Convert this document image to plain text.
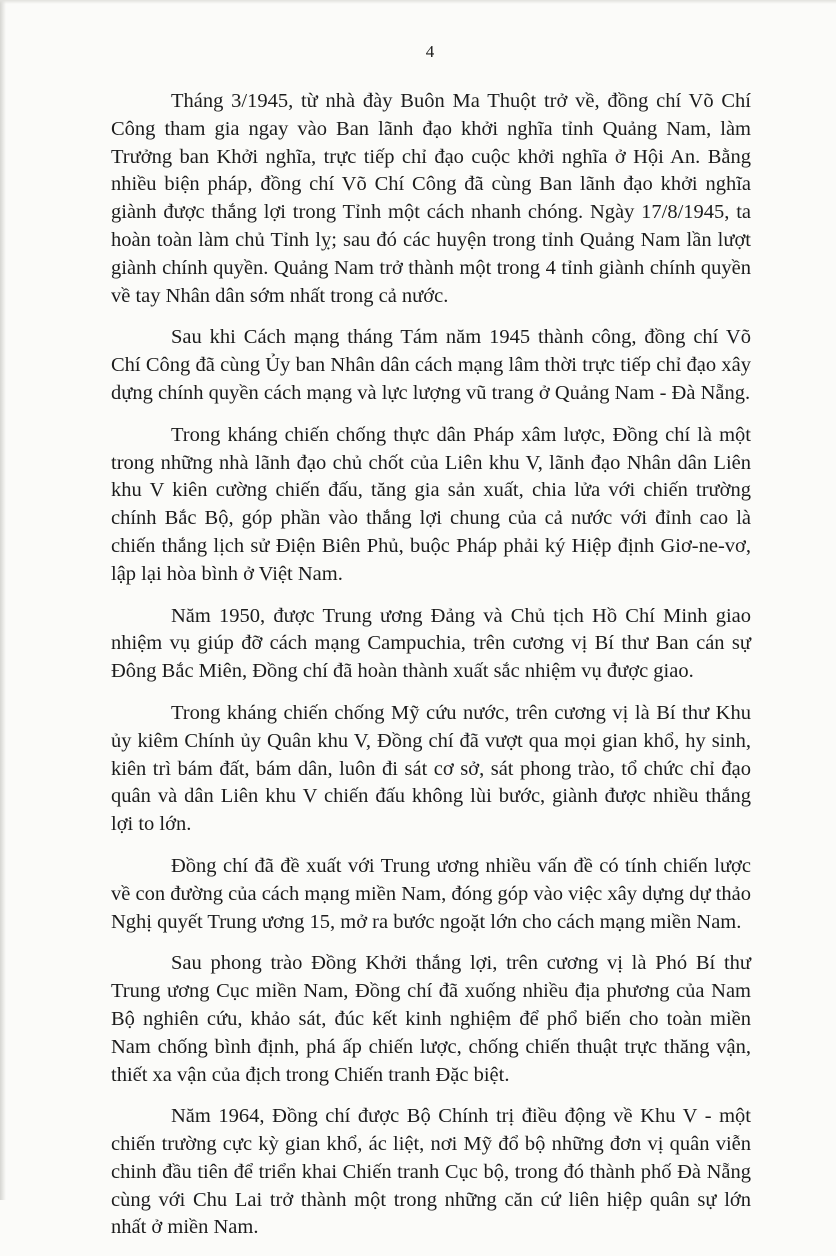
4

Tháng 3/1945, từ nhà đày Buôn Ma Thuột trở về, đồng chí Võ Chí Công tham gia ngay vào Ban lãnh đạo khởi nghĩa tỉnh Quảng Nam, làm Trưởng ban Khởi nghĩa, trực tiếp chỉ đạo cuộc khởi nghĩa ở Hội An. Bằng nhiều biện pháp, đồng chí Võ Chí Công đã cùng Ban lãnh đạo khởi nghĩa giành được thắng lợi trong Tỉnh một cách nhanh chóng. Ngày 17/8/1945, ta hoàn toàn làm chủ Tỉnh lỵ; sau đó các huyện trong tỉnh Quảng Nam lần lượt giành chính quyền. Quảng Nam trở thành một trong 4 tỉnh giành chính quyền về tay Nhân dân sớm nhất trong cả nước.

Sau khi Cách mạng tháng Tám năm 1945 thành công, đồng chí Võ Chí Công đã cùng Ủy ban Nhân dân cách mạng lâm thời trực tiếp chỉ đạo xây dựng chính quyền cách mạng và lực lượng vũ trang ở Quảng Nam - Đà Nẵng.

Trong kháng chiến chống thực dân Pháp xâm lược, Đồng chí là một trong những nhà lãnh đạo chủ chốt của Liên khu V, lãnh đạo Nhân dân Liên khu V kiên cường chiến đấu, tăng gia sản xuất, chia lửa với chiến trường chính Bắc Bộ, góp phần vào thắng lợi chung của cả nước với đỉnh cao là chiến thắng lịch sử Điện Biên Phủ, buộc Pháp phải ký Hiệp định Giơ-ne-vơ, lập lại hòa bình ở Việt Nam.

Năm 1950, được Trung ương Đảng và Chủ tịch Hồ Chí Minh giao nhiệm vụ giúp đỡ cách mạng Campuchia, trên cương vị Bí thư Ban cán sự Đông Bắc Miên, Đồng chí đã hoàn thành xuất sắc nhiệm vụ được giao.

Trong kháng chiến chống Mỹ cứu nước, trên cương vị là Bí thư Khu ủy kiêm Chính ủy Quân khu V, Đồng chí đã vượt qua mọi gian khổ, hy sinh, kiên trì bám đất, bám dân, luôn đi sát cơ sở, sát phong trào, tổ chức chỉ đạo quân và dân Liên khu V chiến đấu không lùi bước, giành được nhiều thắng lợi to lớn.

Đồng chí đã đề xuất với Trung ương nhiều vấn đề có tính chiến lược về con đường của cách mạng miền Nam, đóng góp vào việc xây dựng dự thảo Nghị quyết Trung ương 15, mở ra bước ngoặt lớn cho cách mạng miền Nam.

Sau phong trào Đồng Khởi thắng lợi, trên cương vị là Phó Bí thư Trung ương Cục miền Nam, Đồng chí đã xuống nhiều địa phương của Nam Bộ nghiên cứu, khảo sát, đúc kết kinh nghiệm để phổ biến cho toàn miền Nam chống bình định, phá ấp chiến lược, chống chiến thuật trực thăng vận, thiết xa vận của địch trong Chiến tranh Đặc biệt.

Năm 1964, Đồng chí được Bộ Chính trị điều động về Khu V - một chiến trường cực kỳ gian khổ, ác liệt, nơi Mỹ đổ bộ những đơn vị quân viễn chinh đầu tiên để triển khai Chiến tranh Cục bộ, trong đó thành phố Đà Nẵng cùng với Chu Lai trở thành một trong những căn cứ liên hiệp quân sự lớn nhất ở miền Nam.
